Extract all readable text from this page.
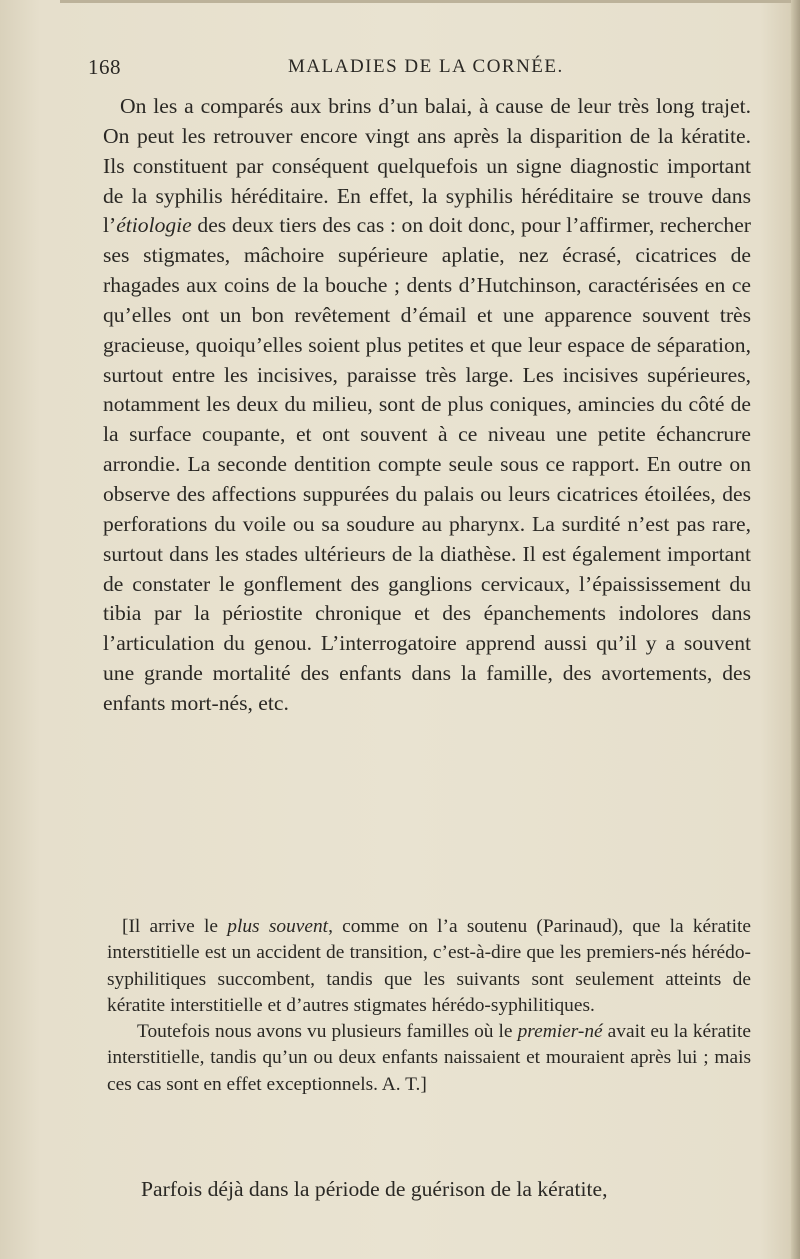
168	MALADIES DE LA CORNÉE.

On les a comparés aux brins d’un balai, à cause de leur très long trajet. On peut les retrouver encore vingt ans après la disparition de la kératite. Ils constituent par conséquent quelquefois un signe diagnostic important de la syphilis héréditaire. En effet, la syphilis héréditaire se trouve dans l’étiologie des deux tiers des cas : on doit donc, pour l’affirmer, rechercher ses stigmates, mâchoire supérieure aplatie, nez écrasé, cicatrices de rhagades aux coins de la bouche ; dents d’Hutchinson, caractérisées en ce qu’elles ont un bon revêtement d’émail et une apparence souvent très gracieuse, quoiqu’elles soient plus petites et que leur espace de séparation, surtout entre les incisives, paraisse très large. Les incisives supérieures, notamment les deux du milieu, sont de plus coniques, amincies du côté de la surface coupante, et ont souvent à ce niveau une petite échancrure arrondie. La seconde dentition compte seule sous ce rapport. En outre on observe des affections suppurées du palais ou leurs cicatrices étoilées, des perforations du voile ou sa soudure au pharynx. La surdité n’est pas rare, surtout dans les stades ultérieurs de la diathèse. Il est également important de constater le gonflement des ganglions cervicaux, l’épaississement du tibia par la périostite chronique et des épanchements indolores dans l’articulation du genou. L’interrogatoire apprend aussi qu’il y a souvent une grande mortalité des enfants dans la famille, des avortements, des enfants mort-nés, etc.

[Il arrive le plus souvent, comme on l’a soutenu (Parinaud), que la kératite interstitielle est un accident de transition, c’est-à-dire que les premiers-nés hérédo-syphilitiques succombent, tandis que les suivants sont seulement atteints de kératite interstitielle et d’autres stigmates hérédo-syphilitiques.

Toutefois nous avons vu plusieurs familles où le premier-né avait eu la kératite interstitielle, tandis qu’un ou deux enfants naissaient et mouraient après lui ; mais ces cas sont en effet exceptionnels. A. T.]

Parfois déjà dans la période de guérison de la kératite,
